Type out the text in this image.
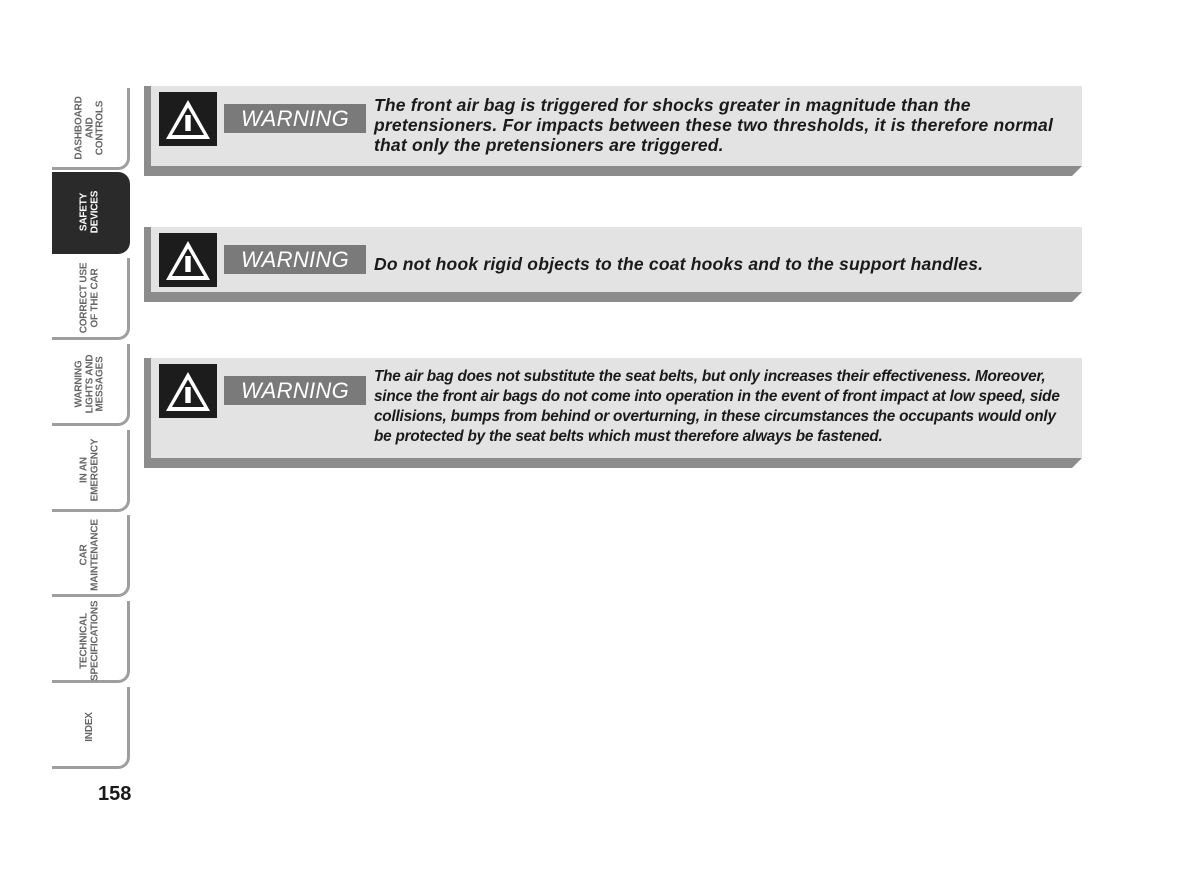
DASHBOARD
AND
CONTROLS
SAFETY
DEVICES
CORRECT USE
OF THE CAR
WARNING
LIGHTS AND
MESSAGES
IN AN
EMERGENCY
CAR
MAINTENANCE
TECHNICAL
SPECIFICATIONS
INDEX
158
WARNING
The front air bag is triggered for shocks greater in magnitude than the pretensioners. For impacts between these two thresholds, it is therefore normal that only the pretensioners are triggered.
WARNING	Do not hook rigid objects to the coat hooks and to the support handles.
WARNING
The air bag does not substitute the seat belts, but only increases their effectiveness. Moreover, since the front air bags do not come into operation in the event of front impact at low speed, side collisions, bumps from behind or overturning, in these circumstances the occupants would only be protected by the seat belts which must therefore always be fastened.
